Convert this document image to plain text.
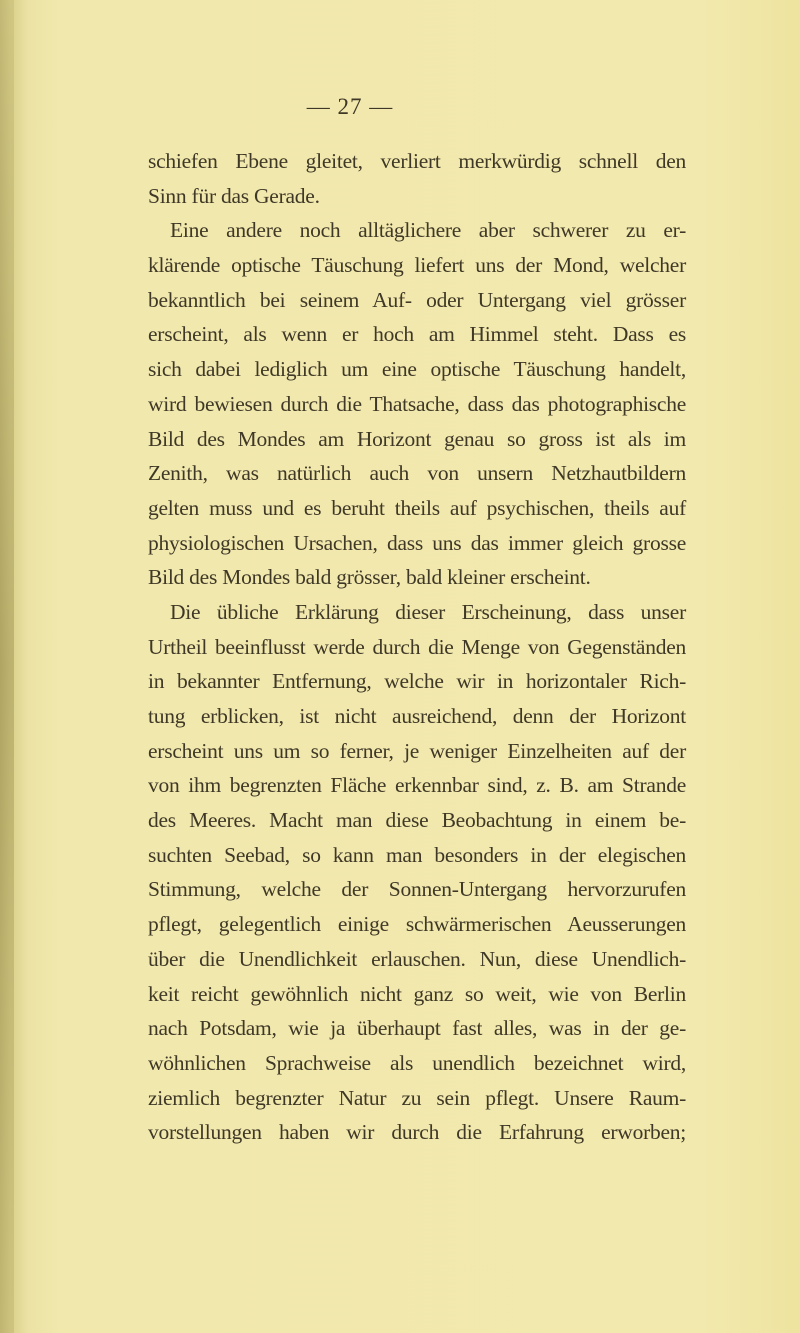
— 27 —
schiefen Ebene gleitet, verliert merkwürdig schnell den
Sinn für das Gerade.
Eine andere noch alltäglichere aber schwerer zu er-
klärende optische Täuschung liefert uns der Mond, welcher
bekanntlich bei seinem Auf- oder Untergang viel grösser
erscheint, als wenn er hoch am Himmel steht. Dass es
sich dabei lediglich um eine optische Täuschung handelt,
wird bewiesen durch die Thatsache, dass das photographische
Bild des Mondes am Horizont genau so gross ist als im
Zenith, was natürlich auch von unsern Netzhautbildern
gelten muss und es beruht theils auf psychischen, theils auf
physiologischen Ursachen, dass uns das immer gleich grosse
Bild des Mondes bald grösser, bald kleiner erscheint.
Die übliche Erklärung dieser Erscheinung, dass unser
Urtheil beeinflusst werde durch die Menge von Gegenständen
in bekannter Entfernung, welche wir in horizontaler Rich-
tung erblicken, ist nicht ausreichend, denn der Horizont
erscheint uns um so ferner, je weniger Einzelheiten auf der
von ihm begrenzten Fläche erkennbar sind, z. B. am Strande
des Meeres. Macht man diese Beobachtung in einem be-
suchten Seebad, so kann man besonders in der elegischen
Stimmung, welche der Sonnen-Untergang hervorzurufen
pflegt, gelegentlich einige schwärmerischen Aeusserungen
über die Unendlichkeit erlauschen. Nun, diese Unendlich-
keit reicht gewöhnlich nicht ganz so weit, wie von Berlin
nach Potsdam, wie ja überhaupt fast alles, was in der ge-
wöhnlichen Sprachweise als unendlich bezeichnet wird,
ziemlich begrenzter Natur zu sein pflegt. Unsere Raum-
vorstellungen haben wir durch die Erfahrung erworben;
